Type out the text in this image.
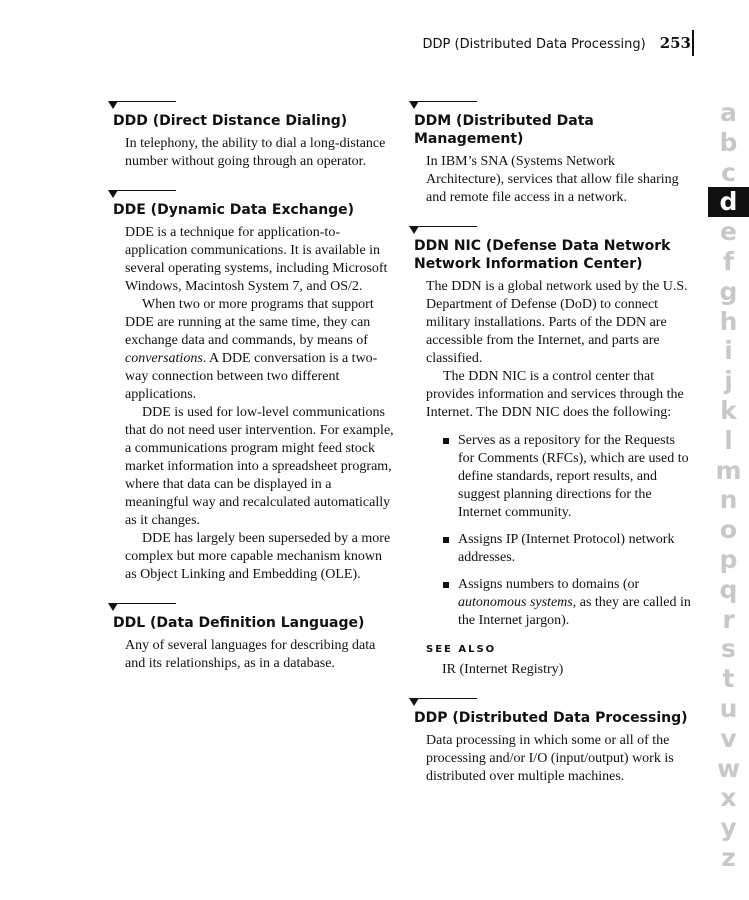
DDP (Distributed Data Processing) 253
DDD (Direct Distance Dialing)

In telephony, the ability to dial a long-distance number without going through an operator.

DDE (Dynamic Data Exchange)

DDE is a technique for application-to-application communications. It is available in several operating systems, including Microsoft Windows, Macintosh System 7, and OS/2.

When two or more programs that support DDE are running at the same time, they can exchange data and commands, by means of conversations. A DDE conversation is a two-way connection between two different applications.

DDE is used for low-level communications that do not need user intervention. For example, a communications program might feed stock market information into a spreadsheet program, where that data can be displayed in a meaningful way and recalculated automatically as it changes.

DDE has largely been superseded by a more complex but more capable mechanism known as Object Linking and Embedding (OLE).

DDL (Data Definition Language)

Any of several languages for describing data and its relationships, as in a database.

DDM (Distributed Data Management)

In IBM’s SNA (Systems Network Architecture), services that allow file sharing and remote file access in a network.

DDN NIC (Defense Data Network Network Information Center)

The DDN is a global network used by the U.S. Department of Defense (DoD) to connect military installations. Parts of the DDN are accessible from the Internet, and parts are classified.

The DDN NIC is a control center that provides information and services through the Internet. The DDN NIC does the following:

Serves as a repository for the Requests for Comments (RFCs), which are used to define standards, report results, and suggest planning directions for the Internet community.
Assigns IP (Internet Protocol) network addresses.
Assigns numbers to domains (or autonomous systems, as they are called in the Internet jargon).
SEE ALSO
IR (Internet Registry)
DDP (Distributed Data Processing)

Data processing in which some or all of the processing and/or I/O (input/output) work is distributed over multiple machines.

a
b
c
d
e
f
g
h
i
j
k
l
m
n
o
p
q
r
s
t
u
v
w
x
y
z
